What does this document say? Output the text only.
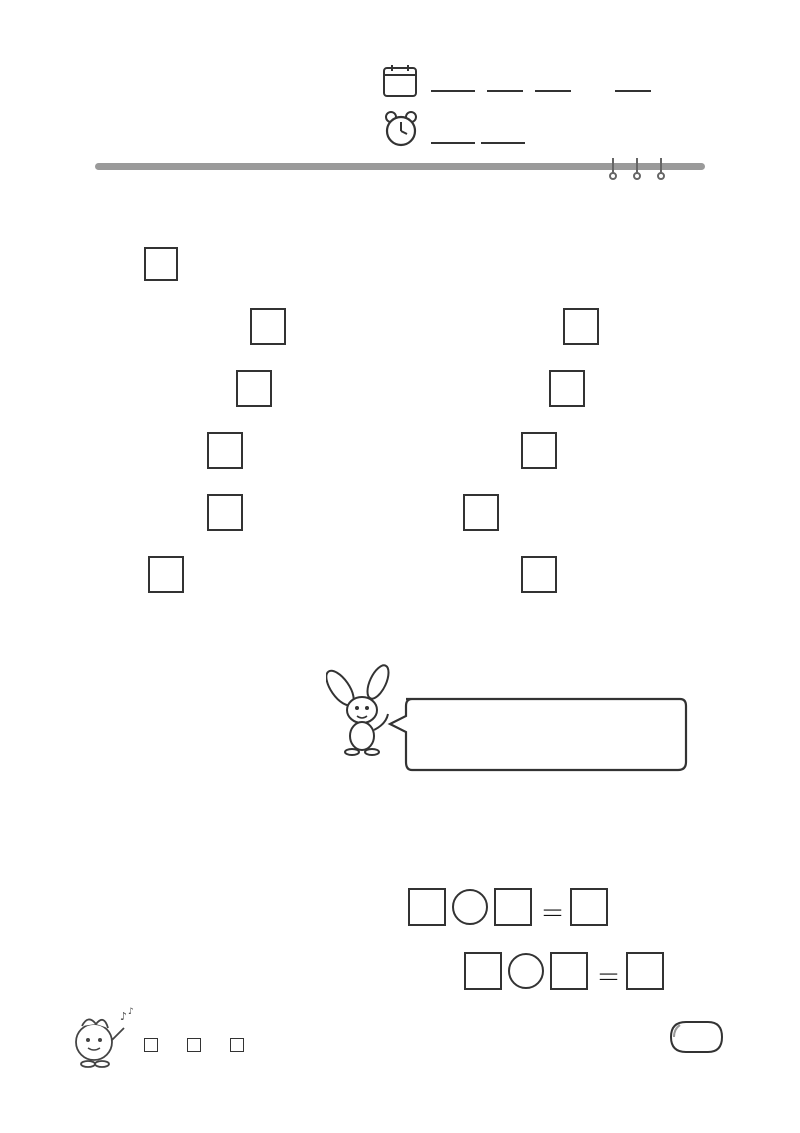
＝
＝
♪ ♪
